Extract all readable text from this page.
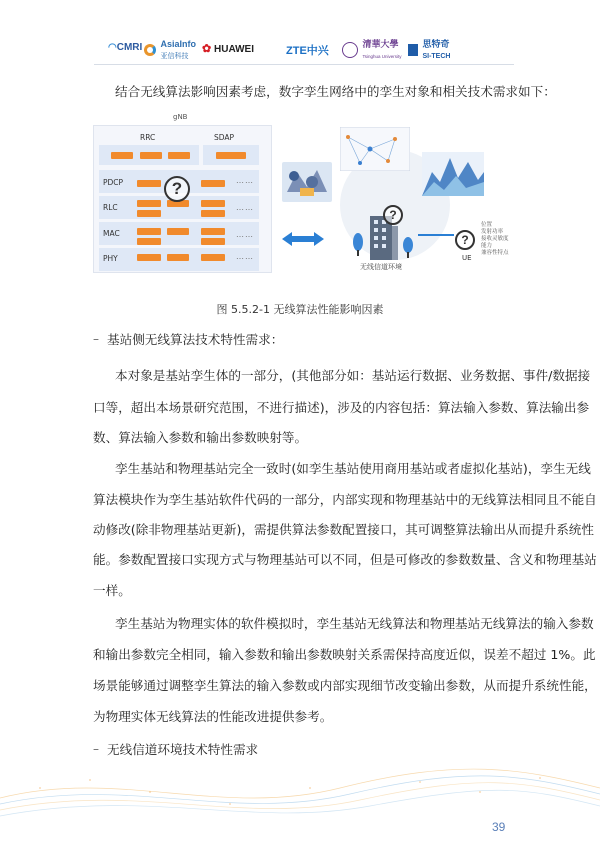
◠CMRI	AsiaInfo
亚信科技
✿ HUAWEI	ZTE中兴
清華大學
Tsinghua University
思特奇
SI-TECH

结合无线算法影响因素考虑，数字孪生网络中的孪生对象和相关技术需求如下：

gNB
RRC	SDAP
PDCP
RLC
MAC
PHY
……
……
……
……
?
?
无线信道环境
?
UE
位置
发射功率
接收灵敏度
能力
兼容性特点
图 5.5.2-1 无线算法性能影响因素
– 基站侧无线算法技术特性需求：

本对象是基站孪生体的一部分，(其他部分如：基站运行数据、业务数据、事件/数据接

口等，超出本场景研究范围，不进行描述)，涉及的内容包括：算法输入参数、算法输出参

数、算法输入参数和输出参数映射等。

孪生基站和物理基站完全一致时(如孪生基站使用商用基站或者虚拟化基站)，孪生无线

算法模块作为孪生基站软件代码的一部分，内部实现和物理基站中的无线算法相同且不能自

动修改(除非物理基站更新)，需提供算法参数配置接口，其可调整算法输出从而提升系统性

能。参数配置接口实现方式与物理基站可以不同，但是可修改的参数数量、含义和物理基站

一样。

孪生基站为物理实体的软件模拟时，孪生基站无线算法和物理基站无线算法的输入参数

和输出参数完全相同，输入参数和输出参数映射关系需保持高度近似，误差不超过 1%。此

场景能够通过调整孪生算法的输入参数或内部实现细节改变输出参数，从而提升系统性能，

为物理实体无线算法的性能改进提供参考。

– 无线信道环境技术特性需求

39
